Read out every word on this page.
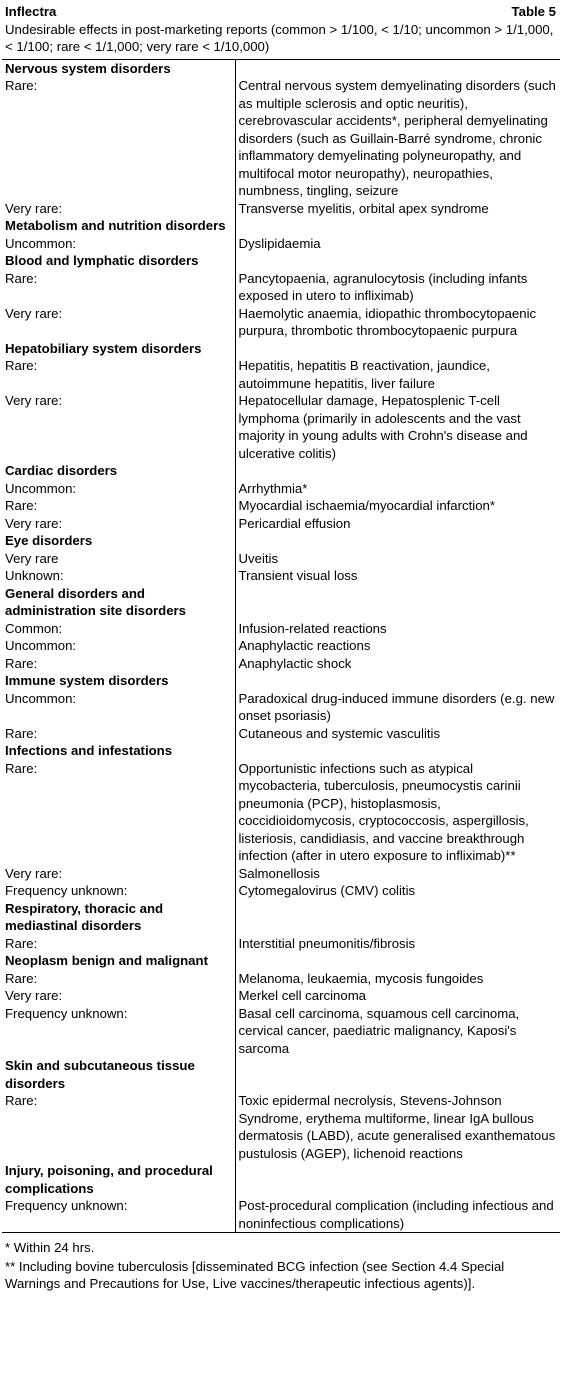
Inflectra	Table 5
Undesirable effects in post-marketing reports (common > 1/100, < 1/10; uncommon > 1/1,000, < 1/100; rare < 1/1,000; very rare < 1/10,000)
Nervous system disorders
Rare:	Central nervous system demyelinating disorders (such as multiple sclerosis and optic neuritis), cerebrovascular accidents*, peripheral demyelinating disorders (such as Guillain-Barré syndrome, chronic inflammatory demyelinating polyneuropathy, and multifocal motor neuropathy), neuropathies, numbness, tingling, seizure

Very rare:	Transverse myelitis, orbital apex syndrome

Metabolism and nutrition disorders
Uncommon:	Dyslipidaemia

Blood and lymphatic disorders
Rare:	Pancytopaenia, agranulocytosis (including infants exposed in utero to infliximab)

Very rare:	Haemolytic anaemia, idiopathic thrombocytopaenic purpura, thrombotic thrombocytopaenic purpura

Hepatobiliary system disorders
Rare:	Hepatitis, hepatitis B reactivation, jaundice, autoimmune hepatitis, liver failure

Very rare:	Hepatocellular damage, Hepatosplenic T-cell lymphoma (primarily in adolescents and the vast majority in young adults with Crohn's disease and ulcerative colitis)

Cardiac disorders
Uncommon:	Arrhythmia*

Rare:	Myocardial ischaemia/myocardial infarction*

Very rare:	Pericardial effusion

Eye disorders
Very rare	Uveitis

Unknown:	Transient visual loss

General disorders and administration site disorders
Common:	Infusion-related reactions

Uncommon:	Anaphylactic reactions

Rare:	Anaphylactic shock

Immune system disorders
Uncommon:	Paradoxical drug-induced immune disorders (e.g. new onset psoriasis)

Rare:	Cutaneous and systemic vasculitis

Infections and infestations
Rare:	Opportunistic infections such as atypical mycobacteria, tuberculosis, pneumocystis carinii pneumonia (PCP), histoplasmosis, coccidioidomycosis, cryptococcosis, aspergillosis, listeriosis, candidiasis, and vaccine breakthrough infection (after in utero exposure to infliximab)**

Very rare:	Salmonellosis

Frequency unknown:	Cytomegalovirus (CMV) colitis

Respiratory, thoracic and mediastinal disorders
Rare:	Interstitial pneumonitis/fibrosis

Neoplasm benign and malignant
Rare:	Melanoma, leukaemia, mycosis fungoides

Very rare:	Merkel cell carcinoma

Frequency unknown:	Basal cell carcinoma, squamous cell carcinoma, cervical cancer, paediatric malignancy, Kaposi's sarcoma

Skin and subcutaneous tissue disorders
Rare:	Toxic epidermal necrolysis, Stevens-Johnson Syndrome, erythema multiforme, linear IgA bullous dermatosis (LABD), acute generalised exanthematous pustulosis (AGEP), lichenoid reactions

Injury, poisoning, and procedural complications
Frequency unknown:	Post-procedural complication (including infectious and noninfectious complications)
* Within 24 hrs.
** Including bovine tuberculosis [disseminated BCG infection (see Section 4.4 Special Warnings and Precautions for Use, Live vaccines/therapeutic infectious agents)].
